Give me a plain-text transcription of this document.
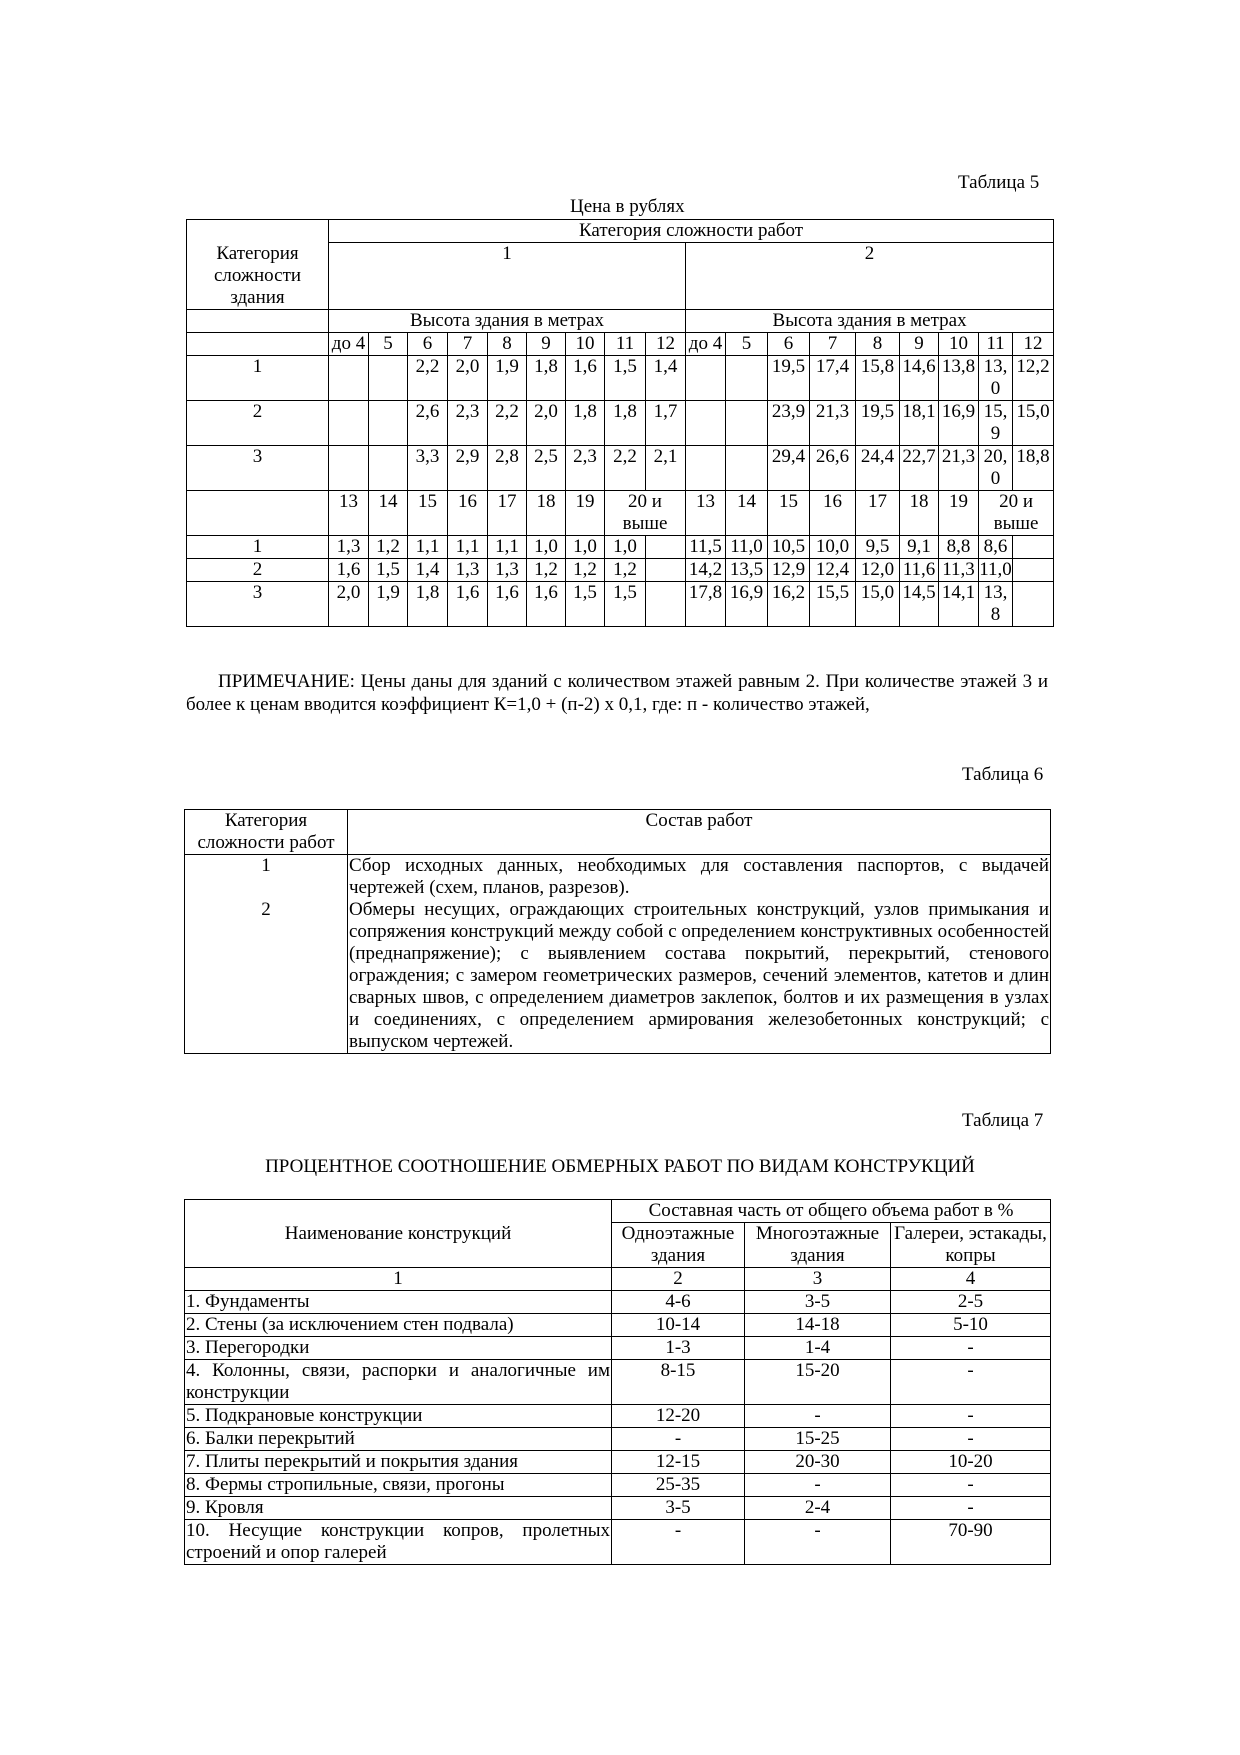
Таблица 5
Цена в рублях
	Категория сложности работ																	
Категория сложности здания	1									2								
	Высота здания в метрах									Высота здания в метрах								
	до 4	5	6	7	8	9	10	11	12	до 4	5	6	7	8	9	10	11	12
1			2,2	2,0	1,9	1,8	1,6	1,5	1,4			19,5	17,4	15,8	14,6	13,8	13,0	12,2
2			2,6	2,3	2,2	2,0	1,8	1,8	1,7			23,9	21,3	19,5	18,1	16,9	15,9	15,0
3			3,3	2,9	2,8	2,5	2,3	2,2	2,1			29,4	26,6	24,4	22,7	21,3	20,0	18,8
	13	14	15	16	17	18	19	20 и выше		13	14	15	16	17	18	19	20 и выше	
1	1,3	1,2	1,1	1,1	1,1	1,0	1,0	1,0		11,5	11,0	10,5	10,0	9,5	9,1	8,8	8,6	
2	1,6	1,5	1,4	1,3	1,3	1,2	1,2	1,2		14,2	13,5	12,9	12,4	12,0	11,6	11,3	11,0	
3	2,0	1,9	1,8	1,6	1,6	1,6	1,5	1,5		17,8	16,9	16,2	15,5	15,0	14,5	14,1	13,8	

ПРИМЕЧАНИЕ: Цены даны для зданий с количеством этажей равным 2. При количестве этажей 3 и более к ценам вводится коэффициент К=1,0 + (п-2) х 0,1, где: п - количество этажей,

Таблица 6
Категория сложности работ	Состав работ
1	Сбор исходных данных, необходимых для составления паспортов, с выдачей чертежей (схем, планов, разрезов).
2	Обмеры несущих, ограждающих строительных конструкций, узлов примыкания и сопряжения конструкций между собой с определением конструктивных особенностей (преднапряжение); с выявлением состава покрытий, перекрытий, стенового ограждения; с замером геометрических размеров, сечений элементов, катетов и длин сварных швов, с определением диаметров заклепок, болтов и их размещения в узлах и соединениях, с определением армирования железобетонных конструкций; с выпуском чертежей.
Таблица 7
ПРОЦЕНТНОЕ СООТНОШЕНИЕ ОБМЕРНЫХ РАБОТ ПО ВИДАМ КОНСТРУКЦИЙ
Наименование конструкций	Составная часть от общего объема работ в %		
	Одноэтажные здания	Многоэтажные здания	Галереи, эстакады, копры
1	2	3	4
1. Фундаменты	4-6	3-5	2-5
2. Стены (за исключением стен подвала)	10-14	14-18	5-10
3. Перегородки	1-3	1-4	-
4. Колонны, связи, распорки и аналогичные им конструкции	8-15	15-20	-
5. Подкрановые конструкции	12-20	-	-
6. Балки перекрытий	-	15-25	-
7. Плиты перекрытий и покрытия здания	12-15	20-30	10-20
8. Фермы стропильные, связи, прогоны	25-35	-	-
9. Кровля	3-5	2-4	-
10. Несущие конструкции копров, пролетных строений и опор галерей	-	-	70-90
